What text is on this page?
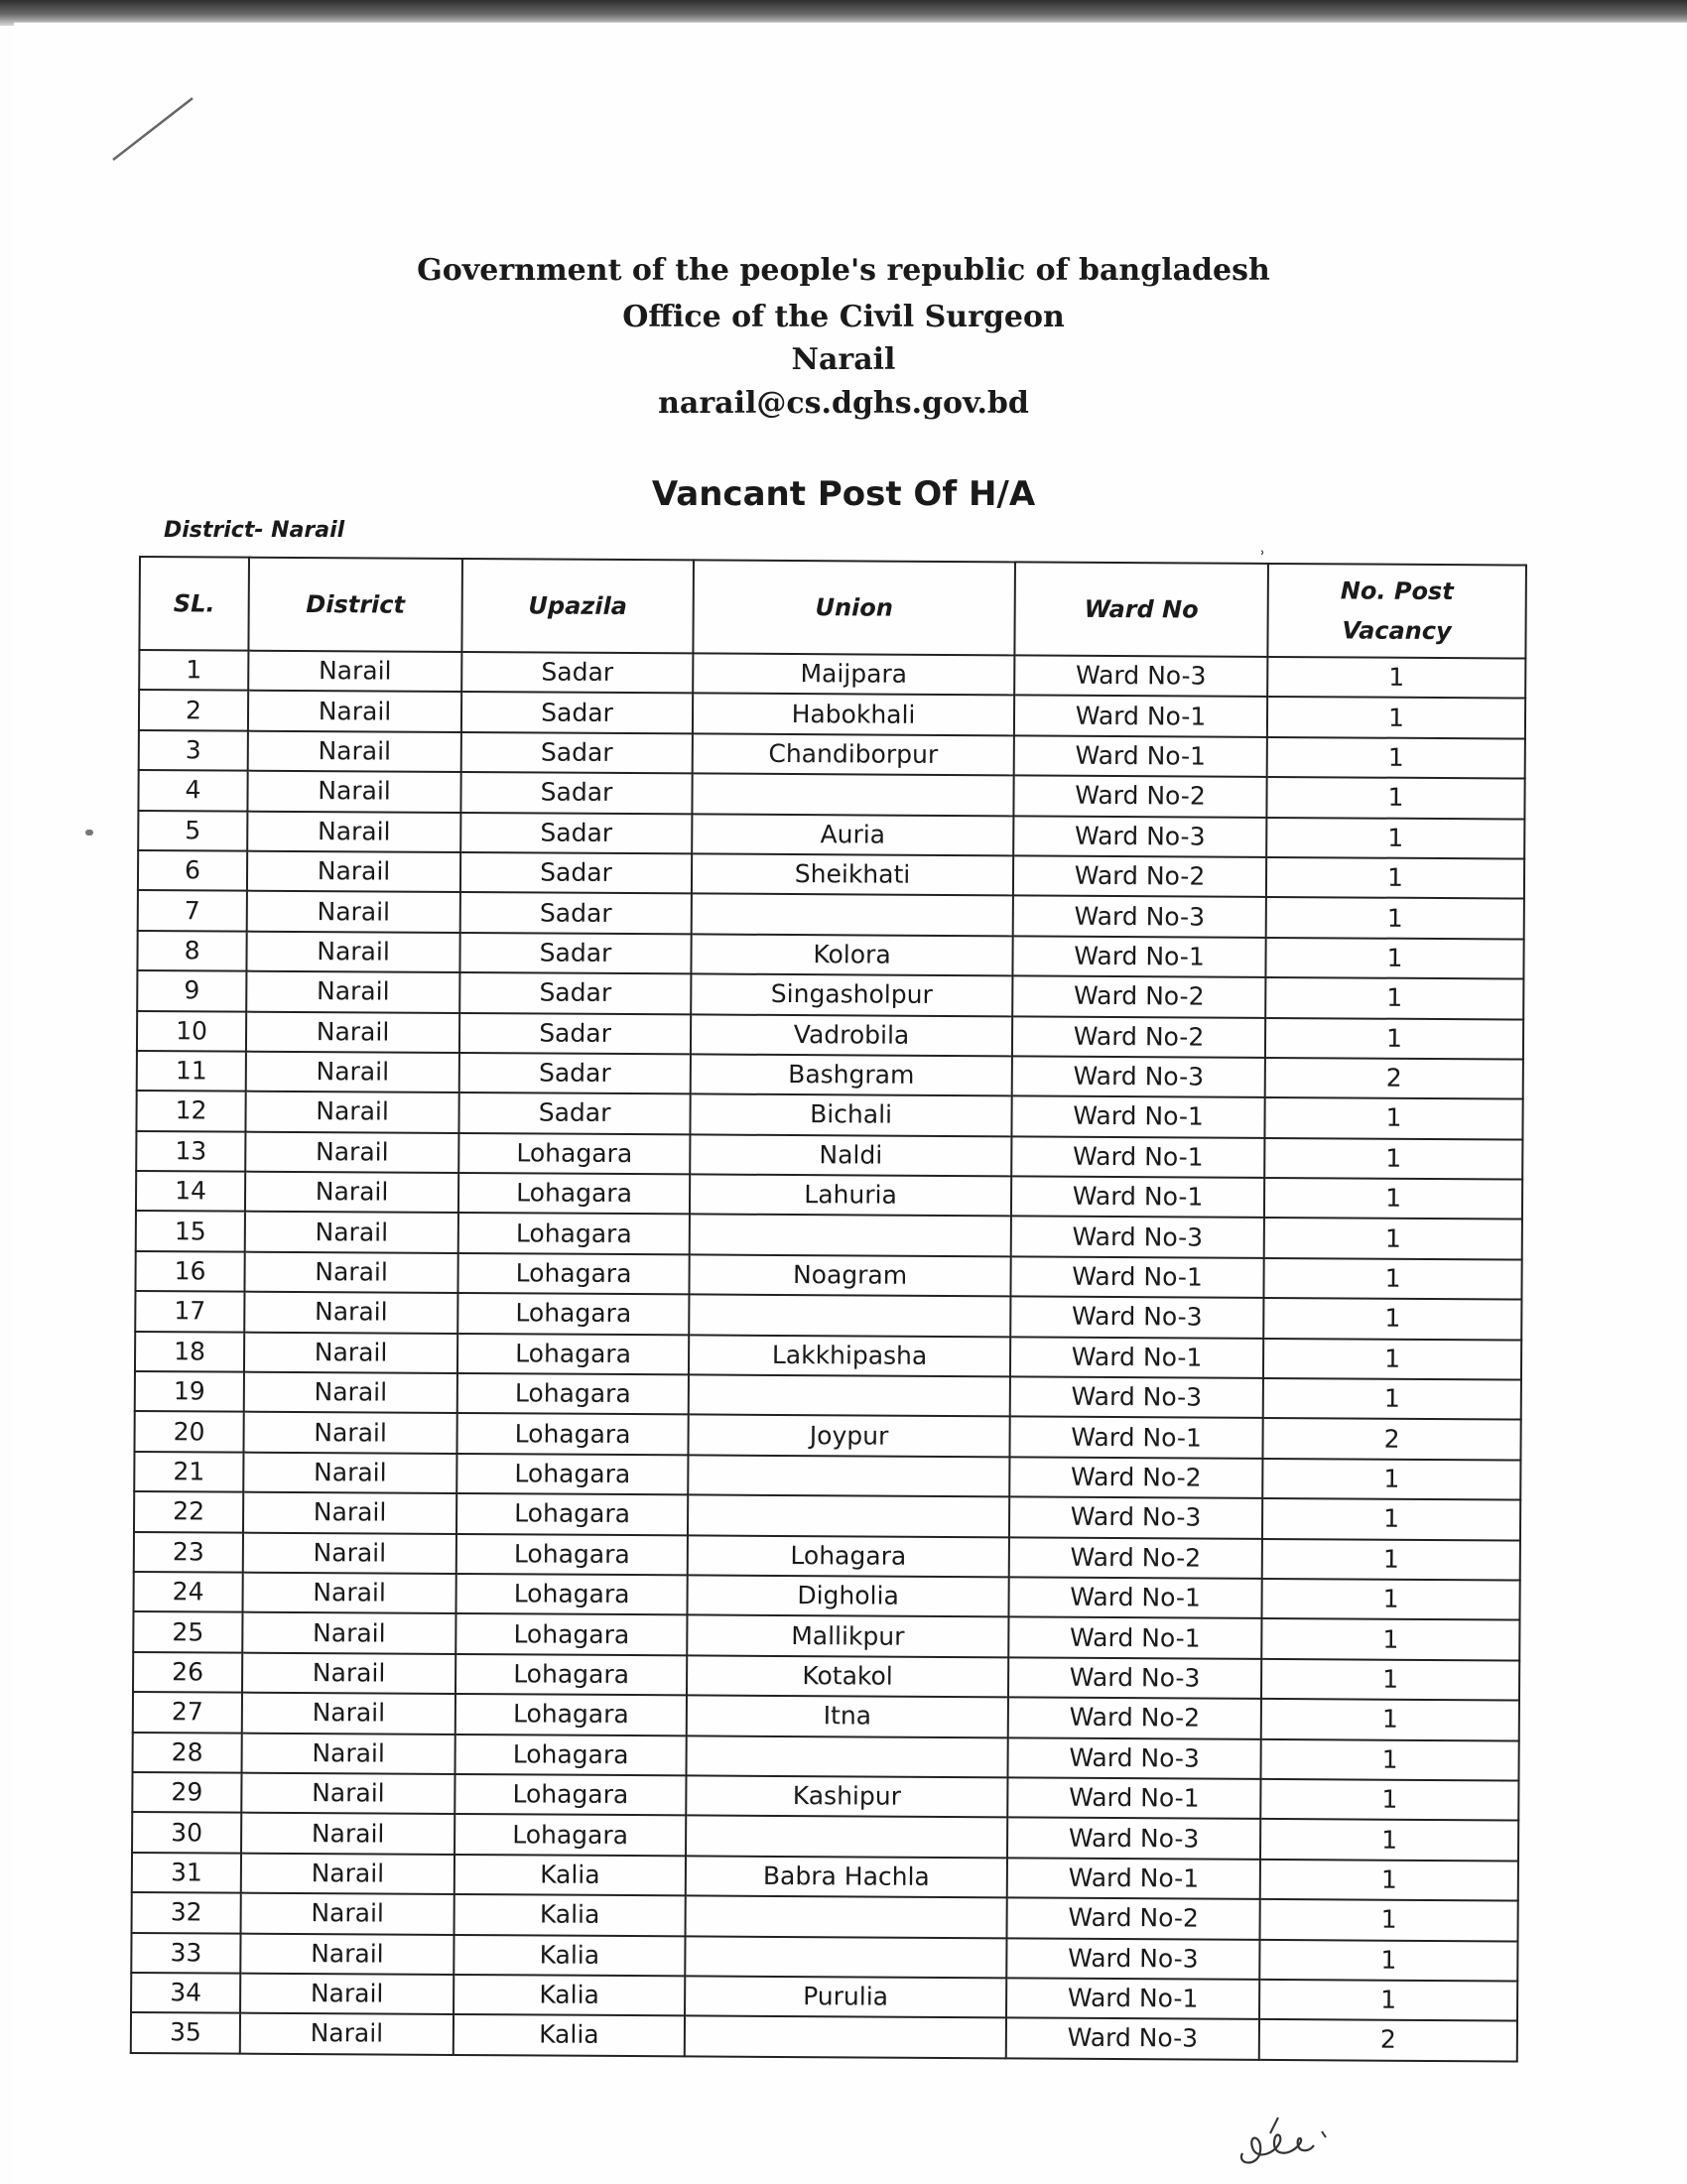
Government of the people's republic of bangladesh
Office of the Civil Surgeon
Narail
narail@cs.dghs.gov.bd
Vancant Post Of H/A
District- Narail
˒
SL.	District	Upazila	Union	Ward No	No. Post
Vacancy

1	Narail	Sadar	Maijpara	Ward No-3	1
2	Narail	Sadar	Habokhali	Ward No-1	1
3	Narail	Sadar	Chandiborpur	Ward No-1	1
4	Narail	Sadar		Ward No-2	1
5	Narail	Sadar	Auria	Ward No-3	1
6	Narail	Sadar	Sheikhati	Ward No-2	1
7	Narail	Sadar		Ward No-3	1
8	Narail	Sadar	Kolora	Ward No-1	1
9	Narail	Sadar	Singasholpur	Ward No-2	1
10	Narail	Sadar	Vadrobila	Ward No-2	1
11	Narail	Sadar	Bashgram	Ward No-3	2
12	Narail	Sadar	Bichali	Ward No-1	1
13	Narail	Lohagara	Naldi	Ward No-1	1
14	Narail	Lohagara	Lahuria	Ward No-1	1
15	Narail	Lohagara		Ward No-3	1
16	Narail	Lohagara	Noagram	Ward No-1	1
17	Narail	Lohagara		Ward No-3	1
18	Narail	Lohagara	Lakkhipasha	Ward No-1	1
19	Narail	Lohagara		Ward No-3	1
20	Narail	Lohagara	Joypur	Ward No-1	2
21	Narail	Lohagara		Ward No-2	1
22	Narail	Lohagara		Ward No-3	1
23	Narail	Lohagara	Lohagara	Ward No-2	1
24	Narail	Lohagara	Digholia	Ward No-1	1
25	Narail	Lohagara	Mallikpur	Ward No-1	1
26	Narail	Lohagara	Kotakol	Ward No-3	1
27	Narail	Lohagara	Itna	Ward No-2	1
28	Narail	Lohagara		Ward No-3	1
29	Narail	Lohagara	Kashipur	Ward No-1	1
30	Narail	Lohagara		Ward No-3	1
31	Narail	Kalia	Babra Hachla	Ward No-1	1
32	Narail	Kalia		Ward No-2	1
33	Narail	Kalia		Ward No-3	1
34	Narail	Kalia	Purulia	Ward No-1	1
35	Narail	Kalia		Ward No-3	2
